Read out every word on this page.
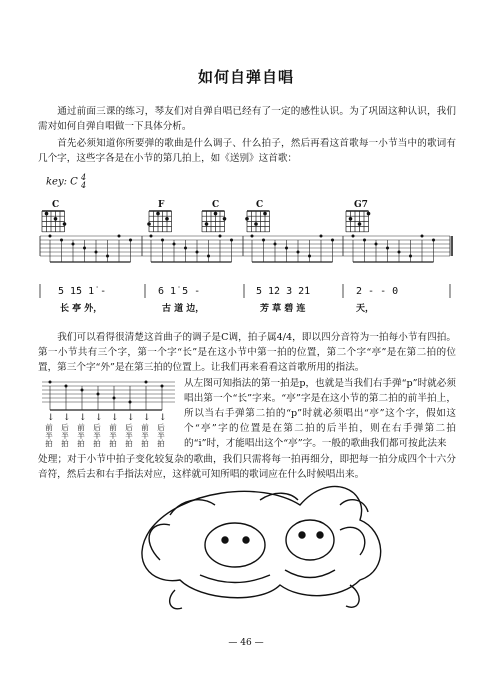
如何自弹自唱
通过前面三课的练习，琴友们对自弹自唱已经有了一定的感性认识。为了巩固这种认识，我们需对如何自弹自唱做一下具体分析。
首先必须知道你所要弹的歌曲是什么调子、什么拍子，然后再看这首歌每一小节当中的歌词有几个字，这些字各是在小节的第几拍上，如《送别》这首歌：
key: C 4
4
↓ ↓ ↓ ↓ ↓ ↓ ↓ ↓
C	F	C	C	G7
5 1̇5 1̇ -	6 1̇ 5 -	5 1̇2 3 2̇1	2 - - 0
长 亭 外，	古 道 边，	芳 草 碧 连	天，
我们可以看得很清楚这首曲子的调子是C调，拍子属4/4，即以四分音符为一拍每小节有四拍。第一小节共有三个字，第一个字“长”是在这小节中第一拍的位置，第二个字“亭”是在第二拍的位置，第三个字“外”是在第三拍的位置上。让我们再来看看这首歌所用的指法。
从左图可知指法的第一拍是p，也就是当我们右手弹“p”时就必须唱出第一个“长”字来。“亭”字是在这小节的第二拍的前半拍上，所以当右手弹第二拍的“p”时就必须唱出“亭”这个字，假如这个“亭”字的位置是在第二拍的后半拍，则在右手弹第二拍的“i”时，才能唱出这个“亭”字。一般的歌曲我们都可按此法来
处理；对于小节中拍子变化较复杂的歌曲，我们只需将每一拍再细分，即把每一拍分成四个十六分音符，然后去和右手指法对应，这样就可知所唱的歌词应在什么时候唱出来。
前
半
拍
后
半
拍
前
半
拍
后
半
拍
前
半
拍
后
半
拍
前
半
拍
后
半
拍
— 46 —
